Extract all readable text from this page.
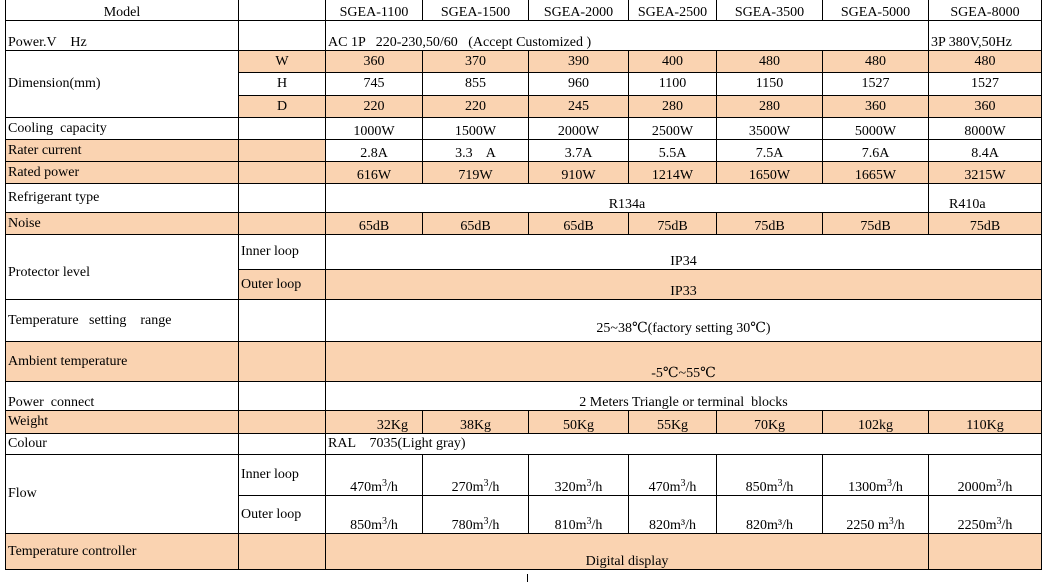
Model		SGEA-1100	SGEA-1500	SGEA-2000	SGEA-2500	SGEA-3500	SGEA-5000	SGEA-8000
Power.V    Hz		AC 1P   220-230,50/60   (Accept Customized )						3P 380V,50Hz
Dimension(mm)	W	360	370	390	400	480	480	480
	H	745	855	960	1100	1150	1527	1527
	D	220	220	245	280	280	360	360
Cooling  capacity		1000W	1500W	2000W	2500W	3500W	5000W	8000W
Rater current		2.8A	3.3    A	3.7A	5.5A	7.5A	7.6A	8.4A
Rated power		616W	719W	910W	1214W	1650W	1665W	3215W
Refrigerant type		R134a						R410a
Noise		65dB	65dB	65dB	75dB	75dB	75dB	75dB
Protector level	Inner loop	IP34						
	Outer loop	IP33						
Temperature   setting    range		25~38℃(factory setting 30℃)						
Ambient temperature		-5℃~55℃						
Power  connect		2 Meters Triangle or terminal  blocks						
Weight		32Kg	38Kg	50Kg	55Kg	70Kg	102kg	110Kg
Colour		RAL    7035(Light gray)						
Flow	Inner loop	$470m^3/h$	$270m^3/h$	$320m^3/h$	$470m^3/h$	$850m^3/h$	$1300m^3/h$	$2000m^3/h$
	Outer loop	$850m^3/h$	$780m^3/h$	$810m^3/h$	820m³/h	820m³/h	2250 $m^3/h$	$2250m^3/h$
Temperature controller		Digital display						
